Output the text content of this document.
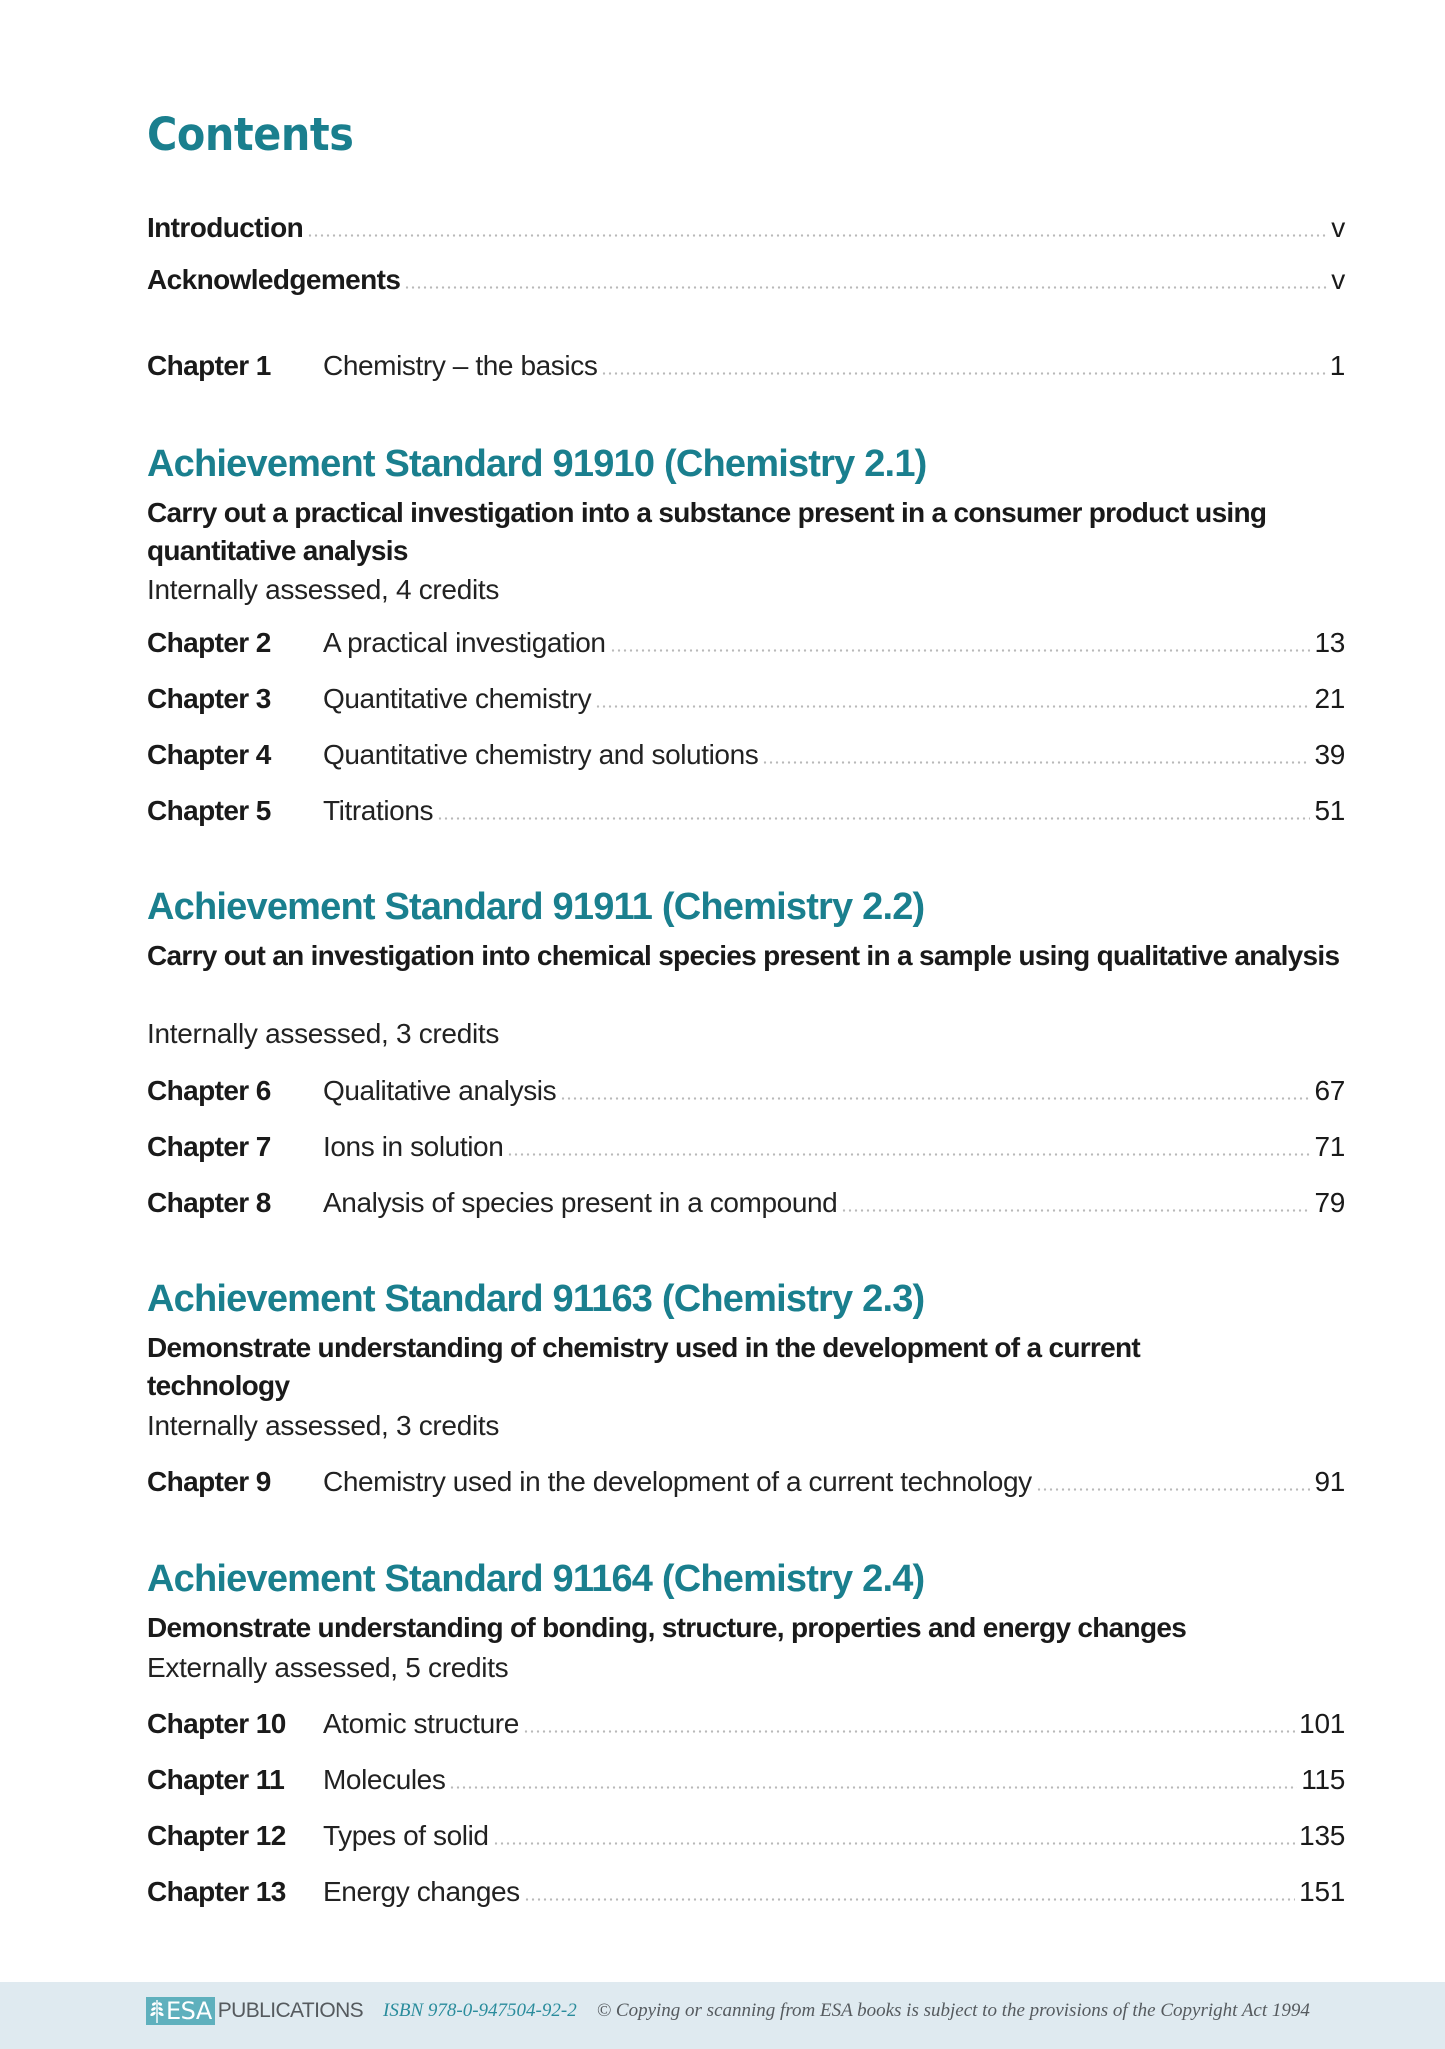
Contents
Introduction	v
Acknowledgements	v
Chapter 1	Chemistry – the basics	1
Achievement Standard 91910 (Chemistry 2.1)
Carry out a practical investigation into a substance present in a consumer product using quantitative analysis
Internally assessed, 4 credits
Chapter 2	A practical investigation	13
Chapter 3	Quantitative chemistry	21
Chapter 4	Quantitative chemistry and solutions	39
Chapter 5	Titrations	51
Achievement Standard 91911 (Chemistry 2.2)
Carry out an investigation into chemical species present in a sample using qualitative analysis
Internally assessed, 3 credits
Chapter 6	Qualitative analysis	67
Chapter 7	Ions in solution	71
Chapter 8	Analysis of species present in a compound	79
Achievement Standard 91163 (Chemistry 2.3)
Demonstrate understanding of chemistry used in the development of a current technology
Internally assessed, 3 credits
Chapter 9	Chemistry used in the development of a current technology	91
Achievement Standard 91164 (Chemistry 2.4)
Demonstrate understanding of bonding, structure, properties and energy changes
Externally assessed, 5 credits
Chapter 10	Atomic structure	101
Chapter 11	Molecules	115
Chapter 12	Types of solid	135
Chapter 13	Energy changes	151
ESA PUBLICATIONS ISBN 978-0-947504-92-2 © Copying or scanning from ESA books is subject to the provisions of the Copyright Act 1994
